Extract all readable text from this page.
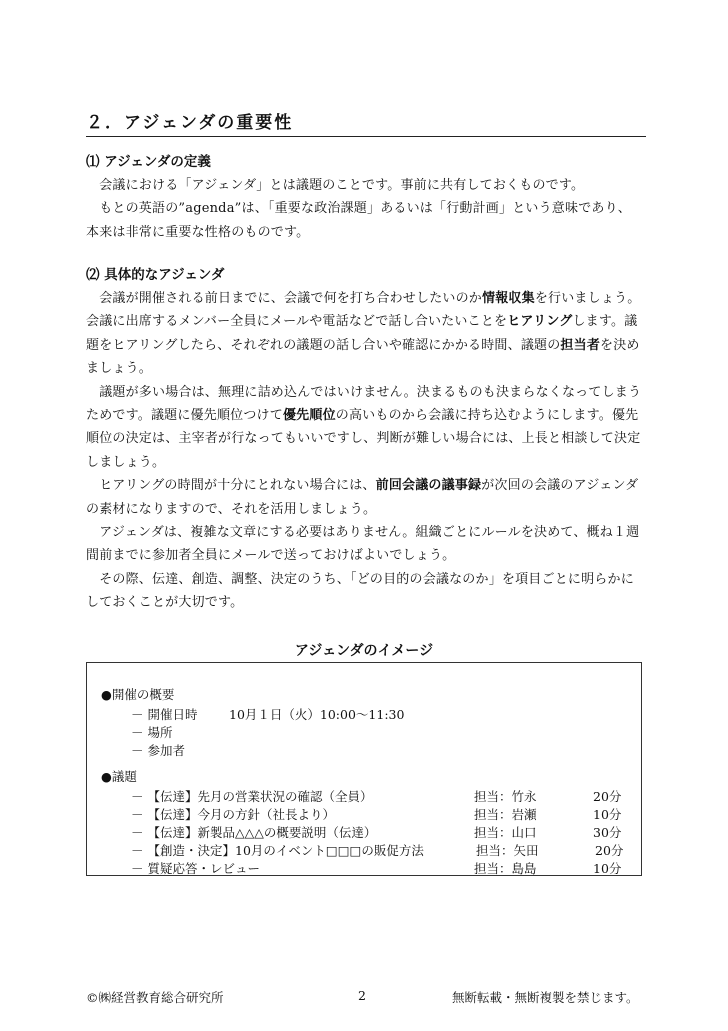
２．アジェンダの重要性
⑴ アジェンダの定義

　会議における「アジェンダ」とは議題のことです。事前に共有しておくものです。

　もとの英語の”agenda”は、「重要な政治課題」あるいは「行動計画」という意味であり、本来は非常に重要な性格のものです。

⑵ 具体的なアジェンダ

　会議が開催される前日までに、会議で何を打ち合わせしたいのか情報収集を行いましょう。会議に出席するメンバー全員にメールや電話などで話し合いたいことをヒアリングします。議題をヒアリングしたら、それぞれの議題の話し合いや確認にかかる時間、議題の担当者を決めましょう。

　議題が多い場合は、無理に詰め込んではいけません。決まるものも決まらなくなってしまうためです。議題に優先順位つけて優先順位の高いものから会議に持ち込むようにします。優先順位の決定は、主宰者が行なってもいいですし、判断が難しい場合には、上長と相談して決定しましょう。

　ヒアリングの時間が十分にとれない場合には、前回会議の議事録が次回の会議のアジェンダの素材になりますので、それを活用しましょう。

　アジェンダは、複雑な文章にする必要はありません。組織ごとにルールを決めて、概ね１週間前までに参加者全員にメールで送っておけばよいでしょう。

　その際、伝達、創造、調整、決定のうち、「どの目的の会議なのか」を項目ごとに明らかにしておくことが大切です。

アジェンダのイメージ
●開催の概要
－ 開催日時	10月１日（火）10:00～11:30
－ 場所
－ 参加者
●議題
－ 【伝達】先月の営業状況の確認（全員）	担当：竹永	20分
－ 【伝達】今月の方針（社長より）	担当：岩瀬	10分
－ 【伝達】新製品△△△の概要説明（伝達）	担当：山口	30分
－ 【創造・決定】10月のイベント□□□の販促方法	担当：矢田	20分
－ 質疑応答・レビュー	担当：島島	10分
©㈱経営教育総合研究所	2	無断転載・無断複製を禁じます。
